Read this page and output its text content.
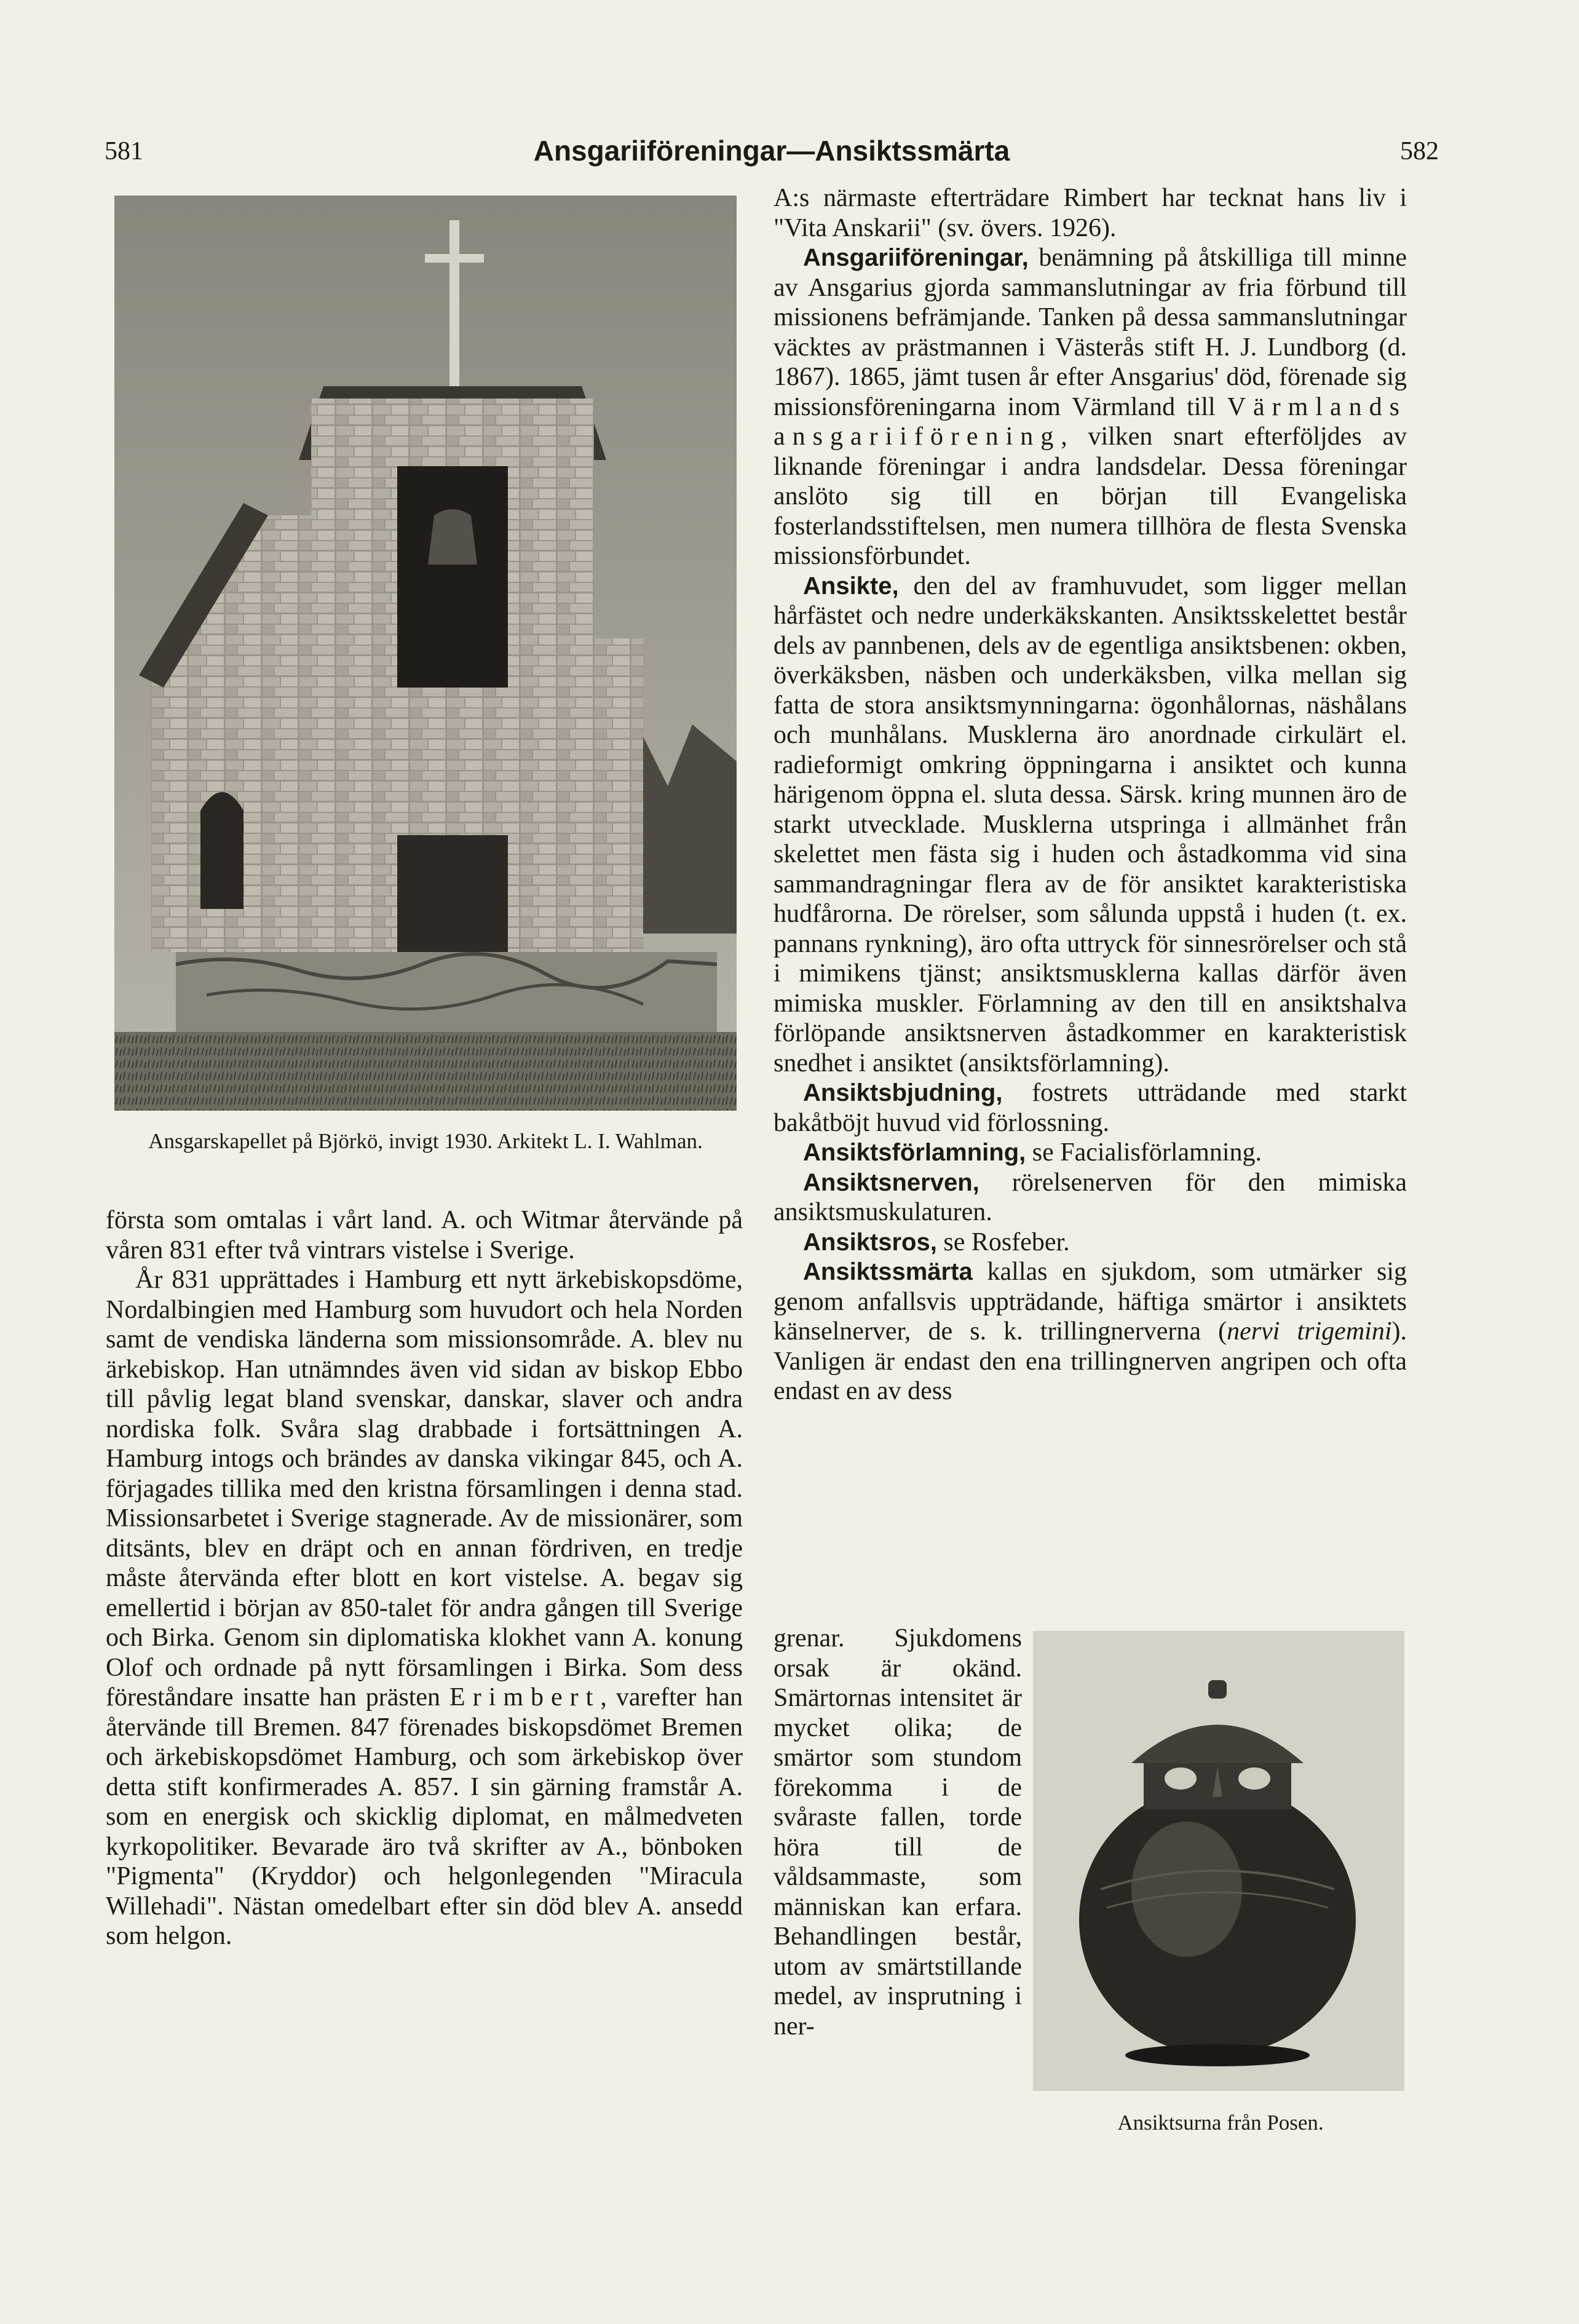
581	Ansgariiföreningar—Ansiktssmärta	582
Ansgarskapellet på Björkö, invigt 1930. Arkitekt L. I. Wahlman.

första som omtalas i vårt land. A. och Witmar återvände på våren 831 efter två vintrars vistelse i Sverige.

År 831 upprättades i Hamburg ett nytt ärkebiskopsdöme, Nordalbingien med Hamburg som huvudort och hela Norden samt de vendiska länderna som missionsområde. A. blev nu ärkebiskop. Han utnämndes även vid sidan av biskop Ebbo till påvlig legat bland svenskar, danskar, slaver och andra nordiska folk. Svåra slag drabbade i fortsättningen A. Hamburg intogs och brändes av danska vikingar 845, och A. förjagades tillika med den kristna församlingen i denna stad. Missionsarbetet i Sverige stagnerade. Av de missionärer, som ditsänts, blev en dräpt och en annan fördriven, en tredje måste återvända efter blott en kort vistelse. A. begav sig emellertid i början av 850-talet för andra gången till Sverige och Birka. Genom sin diplomatiska klokhet vann A. konung Olof och ordnade på nytt församlingen i Birka. Som dess föreståndare insatte han prästen Erimbert, varefter han återvände till Bremen. 847 förenades biskopsdömet Bremen och ärkebiskopsdömet Hamburg, och som ärkebiskop över detta stift konfirmerades A. 857. I sin gärning framstår A. som en energisk och skicklig diplomat, en målmedveten kyrkopolitiker. Bevarade äro två skrifter av A., bönboken "Pigmenta" (Kryddor) och helgonlegenden "Miracula Willehadi". Nästan omedelbart efter sin död blev A. ansedd som helgon.

A:s närmaste efterträdare Rimbert har tecknat hans liv i "Vita Anskarii" (sv. övers. 1926).

Ansgariiföreningar, benämning på åtskilliga till minne av Ansgarius gjorda sammanslutningar av fria förbund till missionens befrämjande. Tanken på dessa sammanslutningar väcktes av prästmannen i Västerås stift H. J. Lundborg (d. 1867). 1865, jämt tusen år efter Ansgarius' död, förenade sig missionsföreningarna inom Värmland till Värmlands ansgariiförening, vilken snart efterföljdes av liknande föreningar i andra landsdelar. Dessa föreningar anslöto sig till en början till Evangeliska fosterlandsstiftelsen, men numera tillhöra de flesta Svenska missionsförbundet.

Ansikte, den del av framhuvudet, som ligger mellan hårfästet och nedre underkäkskanten. Ansiktsskelettet består dels av pannbenen, dels av de egentliga ansiktsbenen: okben, överkäksben, näsben och underkäksben, vilka mellan sig fatta de stora ansiktsmynningarna: ögonhålornas, näshålans och munhålans. Musklerna äro anordnade cirkulärt el. radieformigt omkring öppningarna i ansiktet och kunna härigenom öppna el. sluta dessa. Särsk. kring munnen äro de starkt utvecklade. Musklerna utspringa i allmänhet från skelettet men fästa sig i huden och åstadkomma vid sina sammandragningar flera av de för ansiktet karakteristiska hudfårorna. De rörelser, som sålunda uppstå i huden (t. ex. pannans rynkning), äro ofta uttryck för sinnesrörelser och stå i mimikens tjänst; ansiktsmusklerna kallas därför även mimiska muskler. Förlamning av den till en ansiktshalva förlöpande ansiktsnerven åstadkommer en karakteristisk snedhet i ansiktet (ansiktsförlamning).

Ansiktsbjudning, fostrets utträdande med starkt bakåtböjt huvud vid förlossning.

Ansiktsförlamning, se Facialisförlamning.

Ansiktsnerven, rörelsenerven för den mimiska ansiktsmuskulaturen.

Ansiktsros, se Rosfeber.

Ansiktssmärta kallas en sjukdom, som utmärker sig genom anfallsvis uppträdande, häftiga smärtor i ansiktets känselnerver, de s. k. trillingnerverna (nervi trigemini). Vanligen är endast den ena trillingnerven angripen och ofta endast en av dess

grenar. Sjukdomens orsak är okänd. Smärtornas intensitet är mycket olika; de smärtor som stundom förekomma i de svåraste fallen, torde höra till de våldsammaste, som människan kan erfara. Behandlingen består, utom av smärtstillande medel, av insprutning i ner-

Ansiktsurna från Posen.
